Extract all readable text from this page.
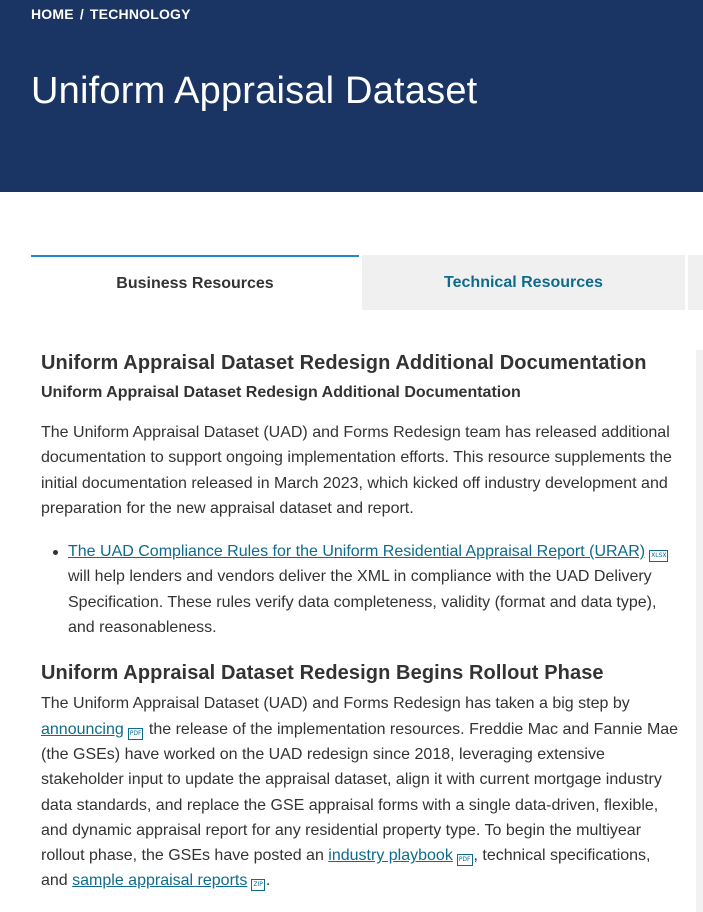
HOME / TECHNOLOGY
Uniform Appraisal Dataset
Business Resources	Technical Resources
Uniform Appraisal Dataset Redesign Additional Documentation
Uniform Appraisal Dataset Redesign Additional Documentation

The Uniform Appraisal Dataset (UAD) and Forms Redesign team has released additional documentation to support ongoing implementation efforts. This resource supplements the initial documentation released in March 2023, which kicked off industry development and preparation for the new appraisal dataset and report.

The UAD Compliance Rules for the Uniform Residential Appraisal Report (URAR) XLSX will help lenders and vendors deliver the XML in compliance with the UAD Delivery Specification. These rules verify data completeness, validity (format and data type), and reasonableness.
Uniform Appraisal Dataset Redesign Begins Rollout Phase

The Uniform Appraisal Dataset (UAD) and Forms Redesign has taken a big step by announcing PDF the release of the implementation resources. Freddie Mac and Fannie Mae (the GSEs) have worked on the UAD redesign since 2018, leveraging extensive stakeholder input to update the appraisal dataset, align it with current mortgage industry data standards, and replace the GSE appraisal forms with a single data-driven, flexible, and dynamic appraisal report for any residential property type. To begin the multiyear rollout phase, the GSEs have posted an industry playbook PDF , technical specifications, and sample appraisal reports ZIP .
